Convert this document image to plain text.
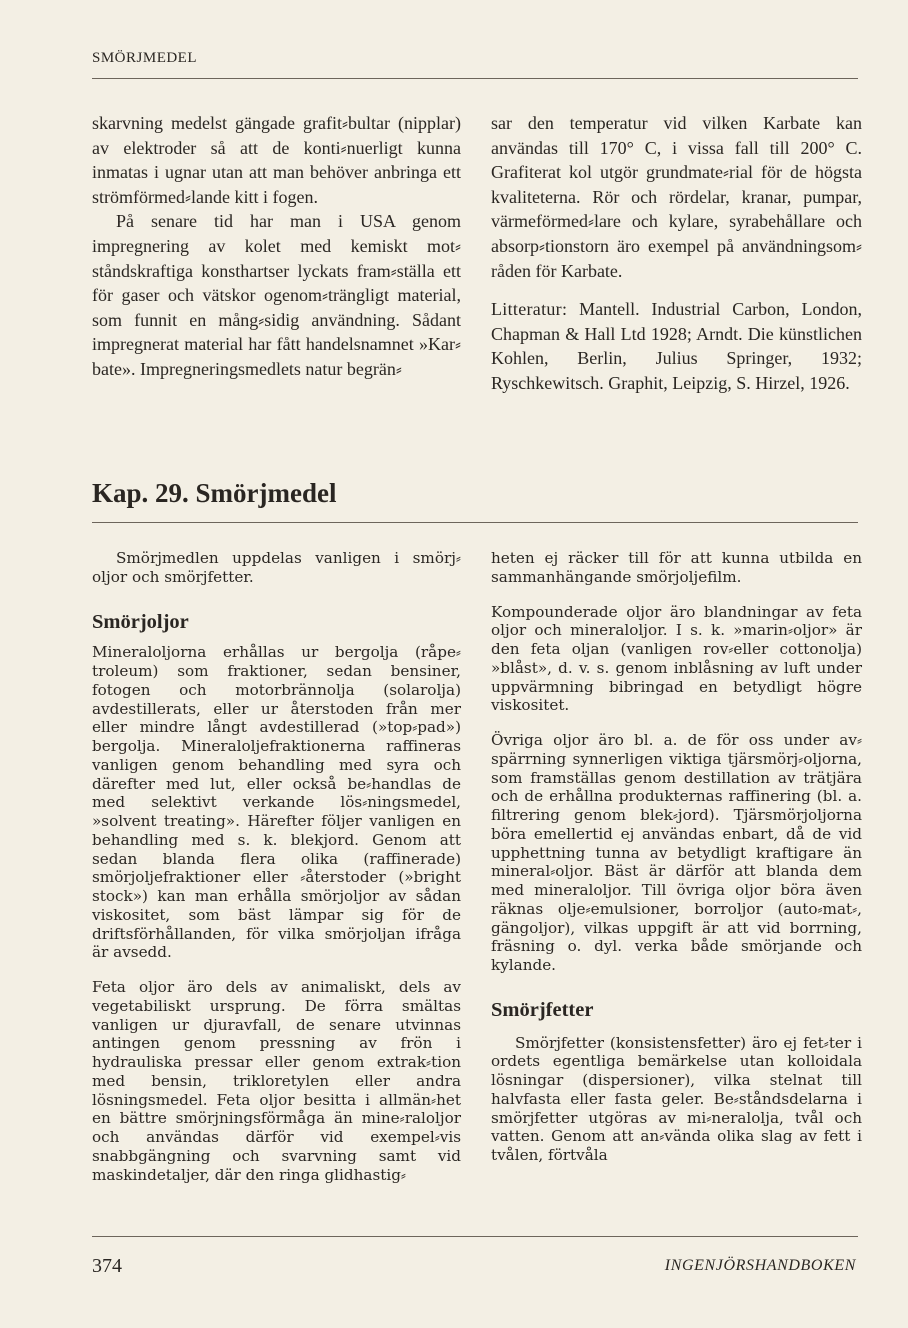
SMÖRJMEDEL

skarvning medelst gängade grafit⸗bultar (nipplar) av elektroder så att de konti⸗nuerligt kunna inmatas i ugnar utan att man behöver anbringa ett strömförmed⸗lande kitt i fogen.

På senare tid har man i USA genom impregnering av kolet med kemiskt mot⸗ståndskraftiga konsthartser lyckats fram⸗ställa ett för gaser och vätskor ogenom⸗trängligt material, som funnit en mång⸗sidig användning. Sådant impregnerat material har fått handelsnamnet »Kar⸗bate». Impregneringsmedlets natur begrän⸗

sar den temperatur vid vilken Karbate kan användas till 170° C, i vissa fall till 200° C. Grafiterat kol utgör grundmate⸗rial för de högsta kvaliteterna. Rör och rördelar, kranar, pumpar, värmeförmed⸗lare och kylare, syrabehållare och absorp⸗tionstorn äro exempel på användningsom⸗råden för Karbate.

Litteratur: Mantell. Industrial Carbon, London, Chapman & Hall Ltd 1928; Arndt. Die künstlichen Kohlen, Berlin, Julius Springer, 1932; Ryschkewitsch. Graphit, Leipzig, S. Hirzel, 1926.

Kap. 29. Smörjmedel

Smörjmedlen uppdelas vanligen i smörj⸗oljor och smörjfetter.

Smörjoljor

Mineraloljorna erhållas ur bergolja (råpe⸗troleum) som fraktioner, sedan bensiner, fotogen och motorbrännolja (solarolja) avdestillerats, eller ur återstoden från mer eller mindre långt avdestillerad (»top⸗pad») bergolja. Mineraloljefraktionerna raffineras vanligen genom behandling med syra och därefter med lut, eller också be⸗handlas de med selektivt verkande lös⸗ningsmedel, »solvent treating». Härefter följer vanligen en behandling med s. k. blekjord. Genom att sedan blanda flera olika (raffinerade) smörjoljefraktioner eller ⸗återstoder (»bright stock») kan man erhålla smörjoljor av sådan viskositet, som bäst lämpar sig för de driftsförhållanden, för vilka smörjoljan ifråga är avsedd.

Feta oljor äro dels av animaliskt, dels av vegetabiliskt ursprung. De förra smältas vanligen ur djuravfall, de senare utvinnas antingen genom pressning av frön i hydrauliska pressar eller genom extrak⸗tion med bensin, trikloretylen eller andra lösningsmedel. Feta oljor besitta i allmän⸗het en bättre smörjningsförmåga än mine⸗raloljor och användas därför vid exempel⸗vis snabbgängning och svarvning samt vid maskindetaljer, där den ringa glidhastig⸗

heten ej räcker till för att kunna utbilda en sammanhängande smörjoljefilm.

Kompounderade oljor äro blandningar av feta oljor och mineraloljor. I s. k. »marin⸗oljor» är den feta oljan (vanligen rov⸗eller cottonolja) »blåst», d. v. s. genom inblåsning av luft under uppvärmning bibringad en betydligt högre viskositet.

Övriga oljor äro bl. a. de för oss under av⸗spärrning synnerligen viktiga tjärsmörj⸗oljorna, som framställas genom destillation av trätjära och de erhållna produkternas raffinering (bl. a. filtrering genom blek⸗jord). Tjärsmörjoljorna böra emellertid ej användas enbart, då de vid upphettning tunna av betydligt kraftigare än mineral⸗oljor. Bäst är därför att blanda dem med mineraloljor. Till övriga oljor böra även räknas olje⸗emulsioner, borroljor (auto⸗mat⸗, gängoljor), vilkas uppgift är att vid borrning, fräsning o. dyl. verka både smörjande och kylande.

Smörjfetter

Smörjfetter (konsistensfetter) äro ej fet⸗ter i ordets egentliga bemärkelse utan kolloidala lösningar (dispersioner), vilka stelnat till halvfasta eller fasta geler. Be⸗ståndsdelarna i smörjfetter utgöras av mi⸗neralolja, tvål och vatten. Genom att an⸗vända olika slag av fett i tvålen, förtvåla

374	INGENJÖRSHANDBOKEN
